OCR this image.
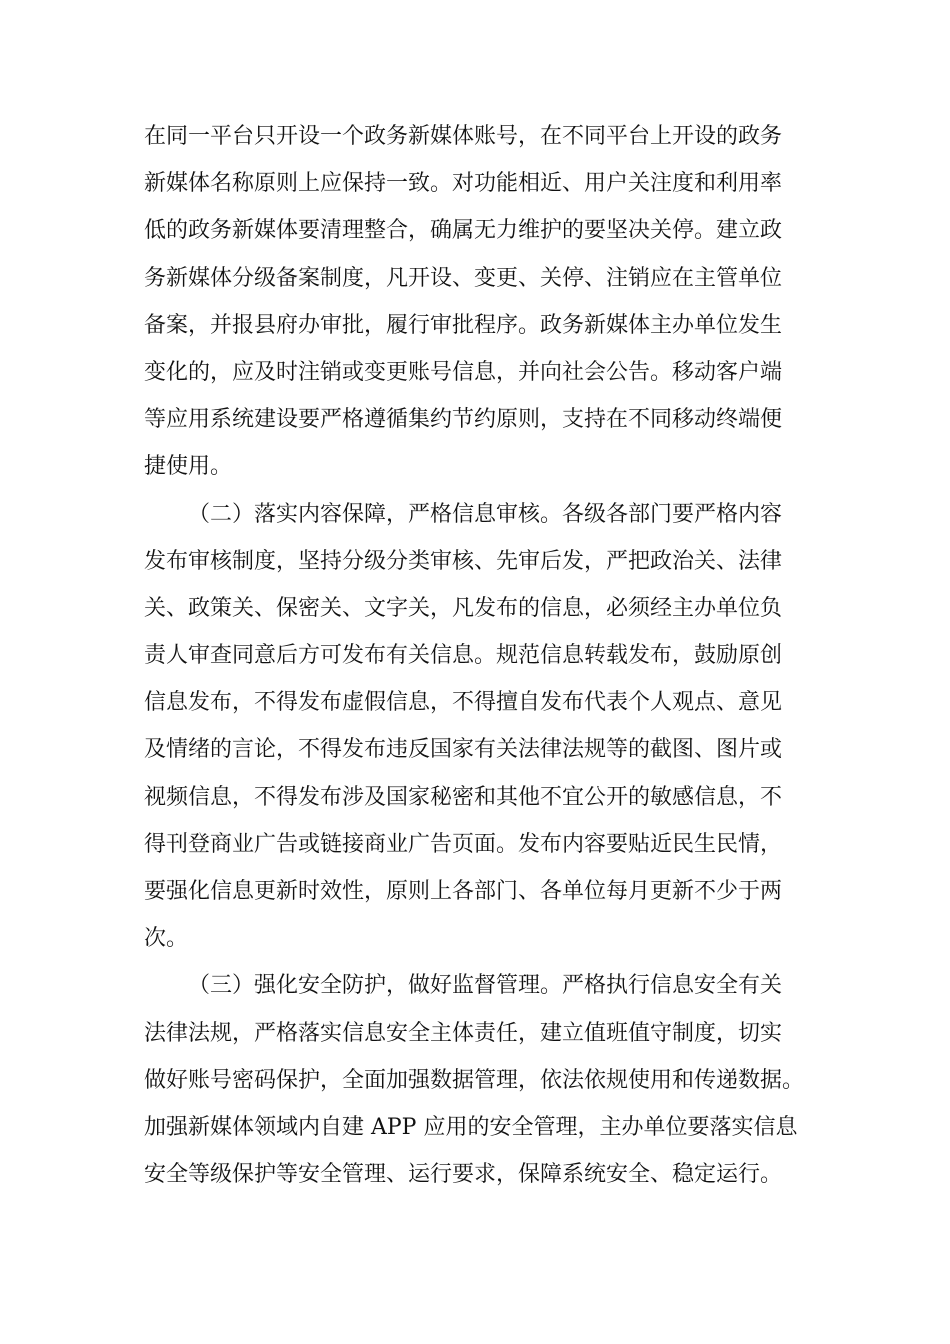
在同一平台只开设一个政务新媒体账号，在不同平台上开设的政务
新媒体名称原则上应保持一致。对功能相近、用户关注度和利用率
低的政务新媒体要清理整合，确属无力维护的要坚决关停。建立政
务新媒体分级备案制度，凡开设、变更、关停、注销应在主管单位
备案，并报县府办审批，履行审批程序。政务新媒体主办单位发生
变化的，应及时注销或变更账号信息，并向社会公告。移动客户端
等应用系统建设要严格遵循集约节约原则，支持在不同移动终端便
捷使用。
（二）落实内容保障，严格信息审核。各级各部门要严格内容
发布审核制度，坚持分级分类审核、先审后发，严把政治关、法律
关、政策关、保密关、文字关，凡发布的信息，必须经主办单位负
责人审查同意后方可发布有关信息。规范信息转载发布，鼓励原创
信息发布，不得发布虚假信息，不得擅自发布代表个人观点、意见
及情绪的言论，不得发布违反国家有关法律法规等的截图、图片或
视频信息，不得发布涉及国家秘密和其他不宜公开的敏感信息，不
得刊登商业广告或链接商业广告页面。发布内容要贴近民生民情，
要强化信息更新时效性，原则上各部门、各单位每月更新不少于两
次。
（三）强化安全防护，做好监督管理。严格执行信息安全有关
法律法规，严格落实信息安全主体责任，建立值班值守制度，切实
做好账号密码保护，全面加强数据管理，依法依规使用和传递数据。
加强新媒体领域内自建 APP 应用的安全管理，主办单位要落实信息
安全等级保护等安全管理、运行要求，保障系统安全、稳定运行。
